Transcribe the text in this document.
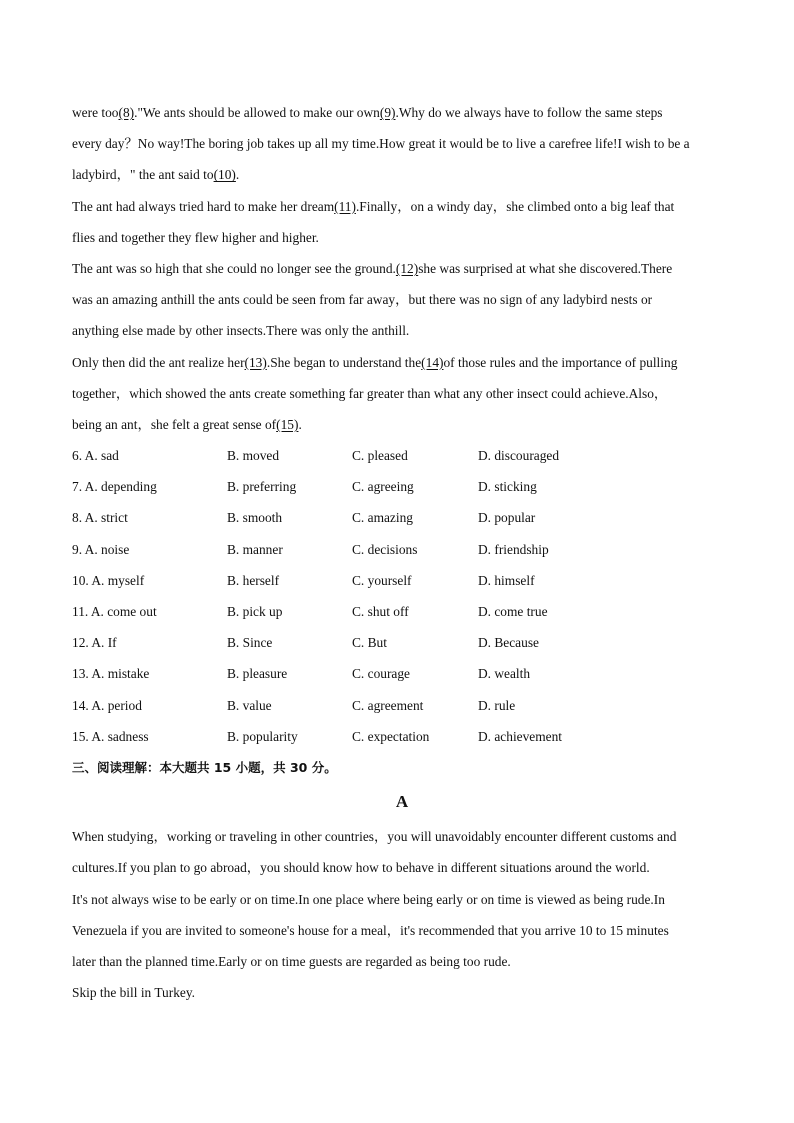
were too(8)."We ants should be allowed to make our own(9).Why do we always have to follow the same steps
every day？No way!The boring job takes up all my time.How great it would be to live a carefree life!I wish to be a
ladybird，" the ant said to(10).
The ant had always tried hard to make her dream(11).Finally，on a windy day，she climbed onto a big leaf that
flies and together they flew higher and higher.
The ant was so high that she could no longer see the ground.(12)she was surprised at what she discovered.There
was an amazing anthill the ants could be seen from far away，but there was no sign of any ladybird nests or
anything else made by other insects.There was only the anthill.
Only then did the ant realize her(13).She began to understand the(14)of those rules and the importance of pulling
together，which showed the ants create something far greater than what any other insect could achieve.Also，
being an ant，she felt a great sense of(15).
6. A. sad	B. moved	C. pleased	D. discouraged
7. A. depending	B. preferring	C. agreeing	D. sticking
8. A. strict	B. smooth	C. amazing	D. popular
9. A. noise	B. manner	C. decisions	D. friendship
10. A. myself	B. herself	C. yourself	D. himself
11. A. come out	B. pick up	C. shut off	D. come true
12. A. If	B. Since	C. But	D. Because
13. A. mistake	B. pleasure	C. courage	D. wealth
14. A. period	B. value	C. agreement	D. rule
15. A. sadness	B. popularity	C. expectation	D. achievement
三、阅读理解：本大题共 15 小题，共 30 分。
A
When studying，working or traveling in other countries，you will unavoidably encounter different customs and
cultures.If you plan to go abroad，you should know how to behave in different situations around the world.
It's not always wise to be early or on time.In one place where being early or on time is viewed as being rude.In
Venezuela if you are invited to someone's house for a meal，it's recommended that you arrive 10 to 15 minutes
later than the planned time.Early or on time guests are regarded as being too rude.
Skip the bill in Turkey.
